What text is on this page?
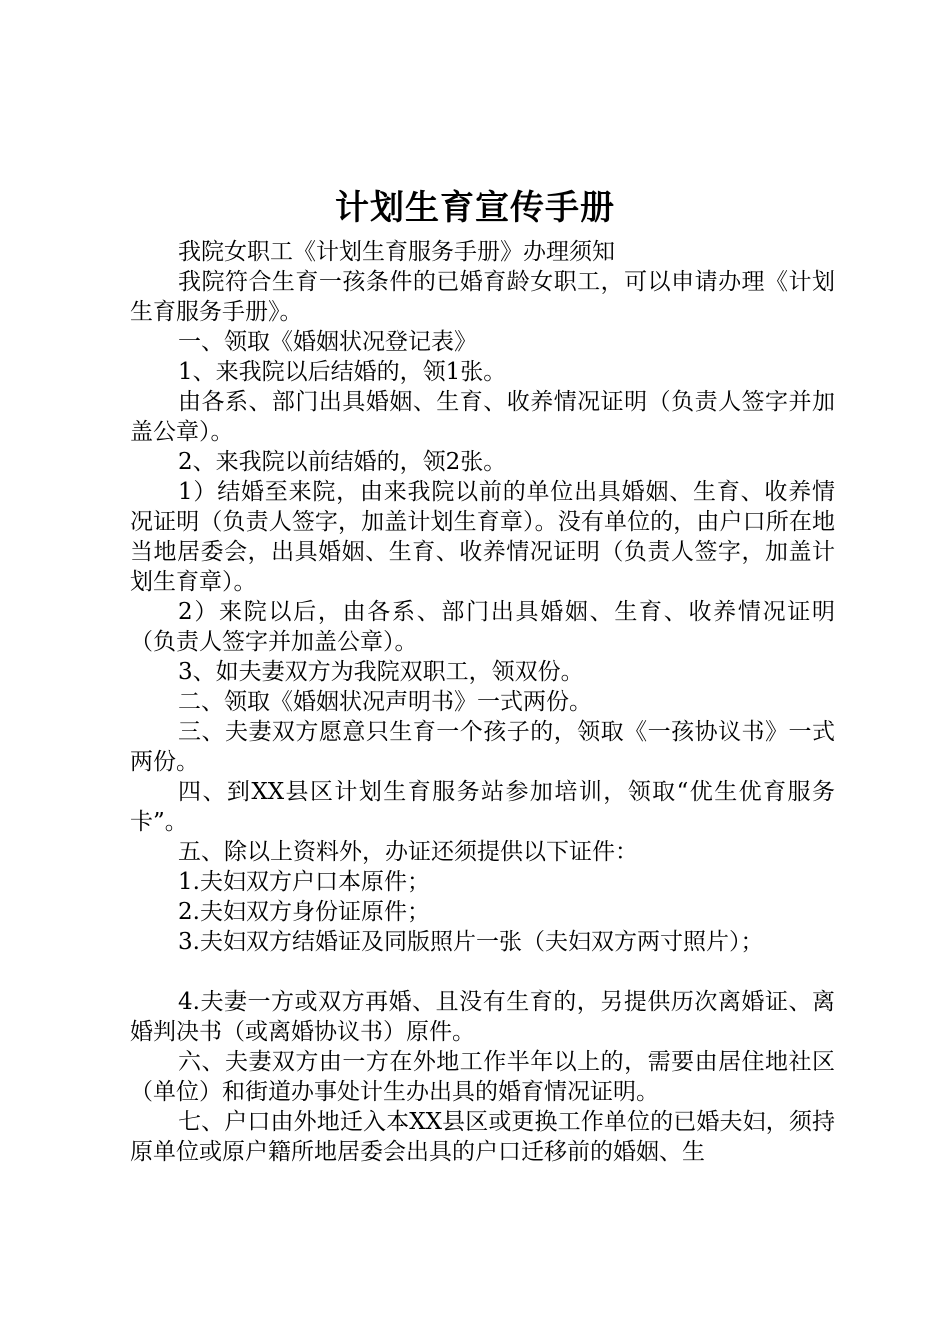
计划生育宣传手册

我院女职工《计划生育服务手册》办理须知

我院符合生育一孩条件的已婚育龄女职工，可以申请办理《计划生育服务手册》。

一、领取《婚姻状况登记表》

1、来我院以后结婚的，领1张。

由各系、部门出具婚姻、生育、收养情况证明（负责人签字并加盖公章）。

2、来我院以前结婚的，领2张。

1）结婚至来院，由来我院以前的单位出具婚姻、生育、收养情况证明（负责人签字，加盖计划生育章）。没有单位的，由户口所在地当地居委会，出具婚姻、生育、收养情况证明（负责人签字，加盖计划生育章）。

2）来院以后，由各系、部门出具婚姻、生育、收养情况证明（负责人签字并加盖公章）。

3、如夫妻双方为我院双职工，领双份。

二、领取《婚姻状况声明书》一式两份。

三、夫妻双方愿意只生育一个孩子的，领取《一孩协议书》一式两份。

四、到XX县区计划生育服务站参加培训，领取“优生优育服务卡”。

五、除以上资料外，办证还须提供以下证件：

1.夫妇双方户口本原件；

2.夫妇双方身份证原件；

3.夫妇双方结婚证及同版照片一张（夫妇双方两寸照片）；

4.夫妻一方或双方再婚、且没有生育的，另提供历次离婚证、离婚判决书（或离婚协议书）原件。

六、夫妻双方由一方在外地工作半年以上的，需要由居住地社区（单位）和街道办事处计生办出具的婚育情况证明。

七、户口由外地迁入本XX县区或更换工作单位的已婚夫妇，须持原单位或原户籍所地居委会出具的户口迁移前的婚姻、生
